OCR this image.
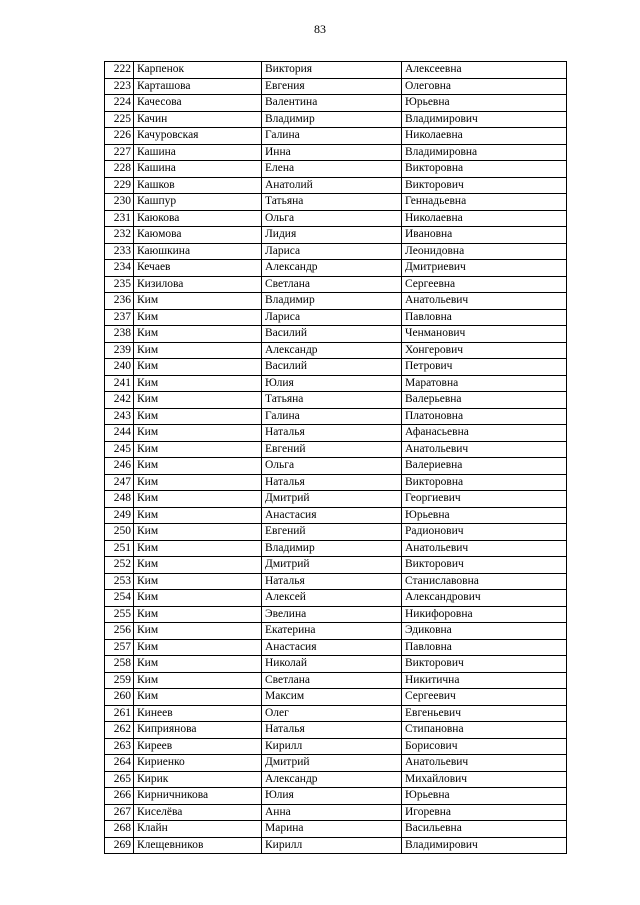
83
222	Карпенок	Виктория	Алексеевна
223	Карташова	Евгения	Олеговна
224	Качесова	Валентина	Юрьевна
225	Качин	Владимир	Владимирович
226	Качуровская	Галина	Николаевна
227	Кашина	Инна	Владимировна
228	Кашина	Елена	Викторовна
229	Кашков	Анатолий	Викторович
230	Кашпур	Татьяна	Геннадьевна
231	Каюкова	Ольга	Николаевна
232	Каюмова	Лидия	Ивановна
233	Каюшкина	Лариса	Леонидовна
234	Кечаев	Александр	Дмитриевич
235	Кизилова	Светлана	Сергеевна
236	Ким	Владимир	Анатольевич
237	Ким	Лариса	Павловна
238	Ким	Василий	Ченманович
239	Ким	Александр	Хонгерович
240	Ким	Василий	Петрович
241	Ким	Юлия	Маратовна
242	Ким	Татьяна	Валерьевна
243	Ким	Галина	Платоновна
244	Ким	Наталья	Афанасьевна
245	Ким	Евгений	Анатольевич
246	Ким	Ольга	Валериевна
247	Ким	Наталья	Викторовна
248	Ким	Дмитрий	Георгиевич
249	Ким	Анастасия	Юрьевна
250	Ким	Евгений	Радионович
251	Ким	Владимир	Анатольевич
252	Ким	Дмитрий	Викторович
253	Ким	Наталья	Станиславовна
254	Ким	Алексей	Александрович
255	Ким	Эвелина	Никифоровна
256	Ким	Екатерина	Эдиковна
257	Ким	Анастасия	Павловна
258	Ким	Николай	Викторович
259	Ким	Светлана	Никитична
260	Ким	Максим	Сергеевич
261	Кинеев	Олег	Евгеньевич
262	Киприянова	Наталья	Стипановна
263	Киреев	Кирилл	Борисович
264	Кириенко	Дмитрий	Анатольевич
265	Кирик	Александр	Михайлович
266	Кирничникова	Юлия	Юрьевна
267	Киселёва	Анна	Игоревна
268	Клайн	Марина	Васильевна
269	Клещевников	Кирилл	Владимирович
